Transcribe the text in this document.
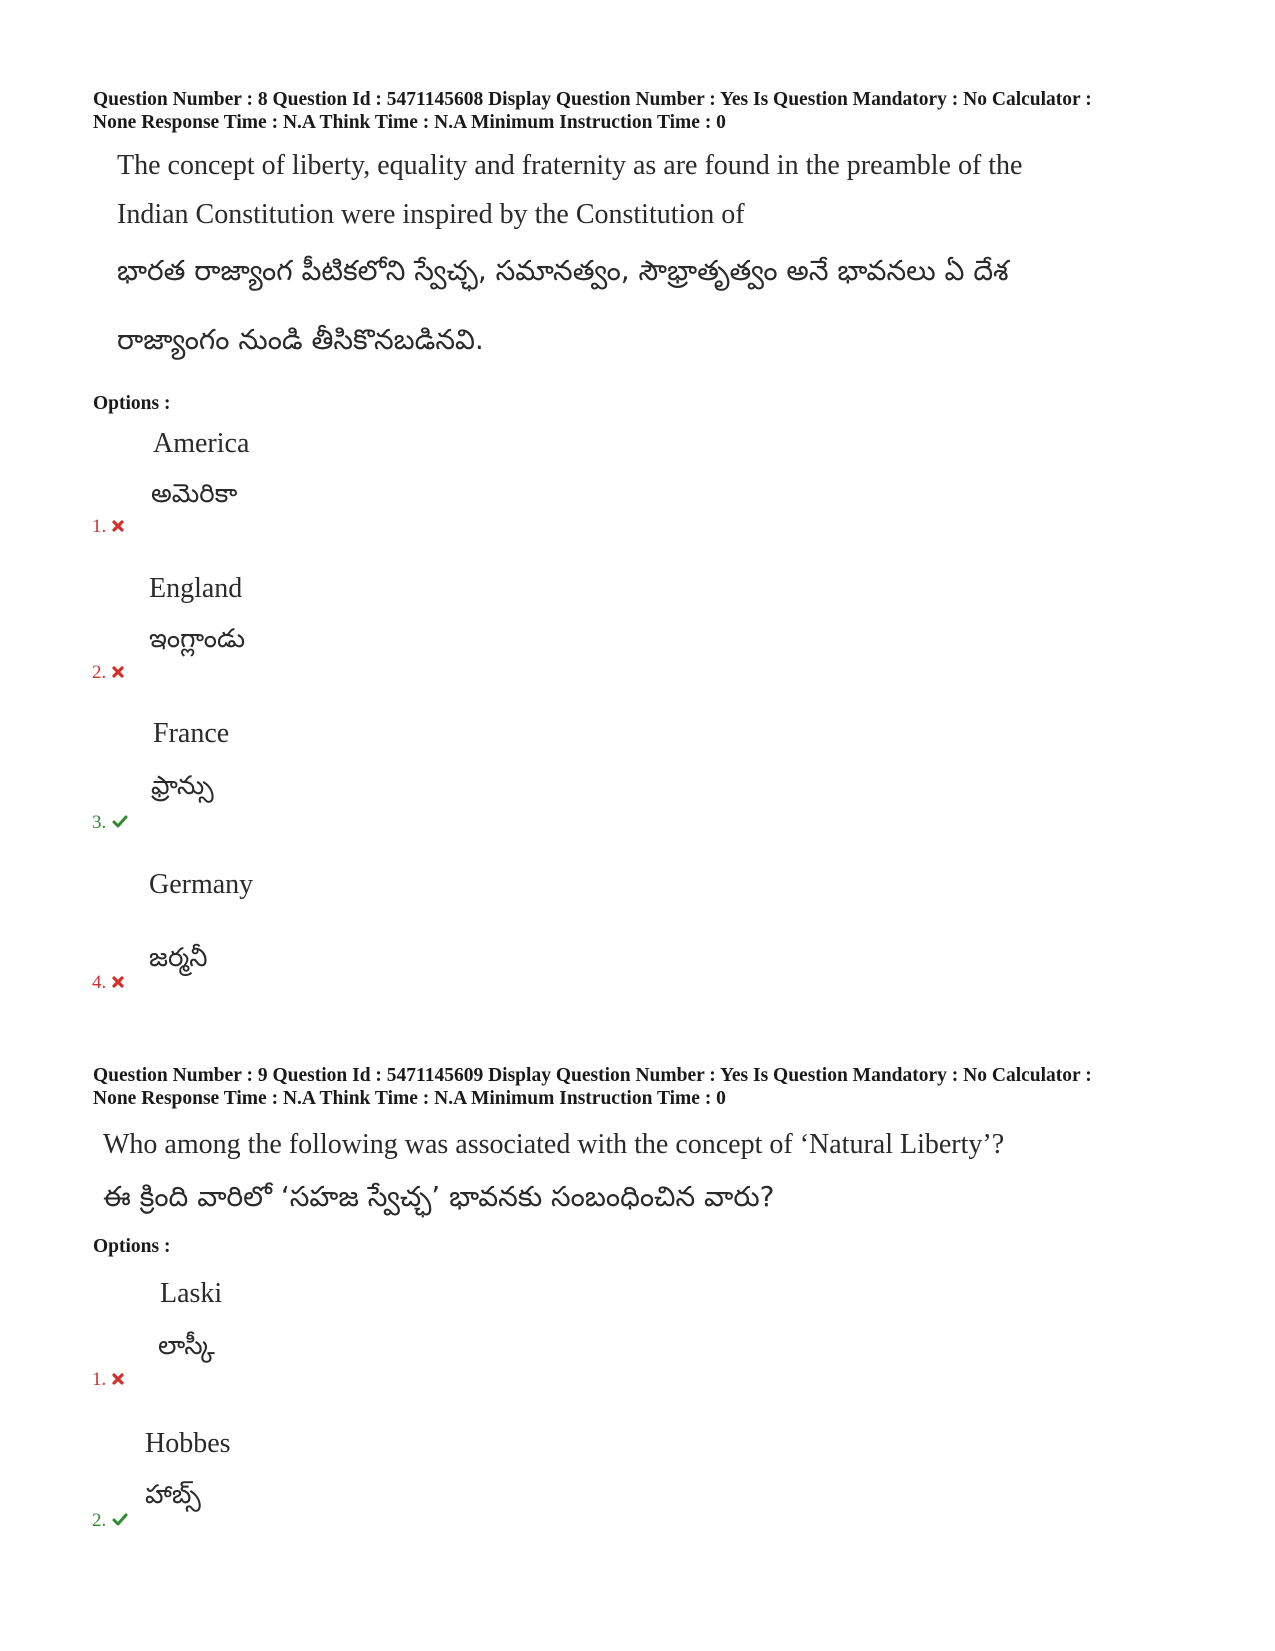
Question Number : 8 Question Id : 5471145608 Display Question Number : Yes Is Question Mandatory : No Calculator :
None Response Time : N.A Think Time : N.A Minimum Instruction Time : 0
The concept of liberty, equality and fraternity as are found in the preamble of the
Indian Constitution were inspired by the Constitution of
భారత రాజ్యాంగ పీటికలోని స్వేచ్ఛ, సమానత్వం, సౌభ్రాతృత్వం అనే భావనలు ఏ దేశ
రాజ్యాంగం నుండి తీసికొనబడినవి.
Options :
America
అమెరికా
1.
England
ఇంగ్లాండు
2.
France
ఫ్రాన్సు
3.
Germany
జర్మనీ
4.
Question Number : 9 Question Id : 5471145609 Display Question Number : Yes Is Question Mandatory : No Calculator :
None Response Time : N.A Think Time : N.A Minimum Instruction Time : 0
Who among the following was associated with the concept of ‘Natural Liberty’?
ఈ క్రింది వారిలో ‘సహజ స్వేచ్ఛ’ భావనకు సంబంధించిన వారు?
Options :
Laski
లాస్కీ
1.
Hobbes
హాబ్స్
2.
